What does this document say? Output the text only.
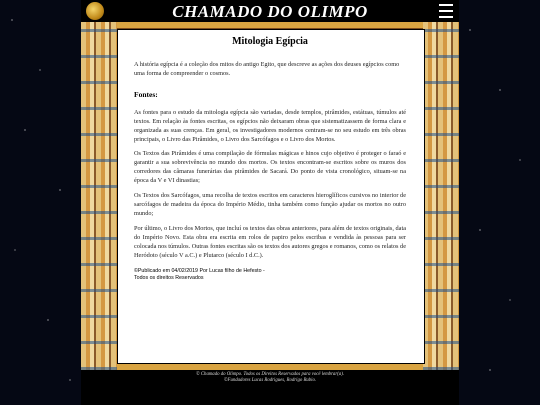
CHAMADO DO OLIMPO
Mitologia Egípcia

A história egípcia é a coleção dos mitos do antigo Egito, que descreve as ações dos deuses egípcios como uma forma de compreender o cosmos.

Fontes:

As fontes para o estudo da mitologia egípcia são variadas, desde templos, pirâmides, estátuas, túmulos até textos. Em relação às fontes escritas, os egípcios não deixaram obras que sistematizassem de forma clara e organizada as suas crenças. Em geral, os investigadores modernos centram-se no seu estudo em três obras principais, o Livro das Pirâmides, o Livro dos Sarcófagos e o Livro dos Mortos.

Os Textos das Pirâmides é uma compilação de fórmulas mágicas e hinos cujo objetivo é proteger o faraó e garantir a sua sobrevivência no mundo dos mortos. Os textos encontram-se escritos sobre os muros dos corredores das câmaras funerárias das pirâmides de Sacará. Do ponto de vista cronológico, situam-se na época da V e VI dinastias;

Os Textos dos Sarcófagos, uma recolha de textos escritos em caracteres hieroglíficos cursivos no interior de sarcófagos de madeira da época do Império Médio, tinha também como função ajudar os mortos no outro mundo;

Por último, o Livro dos Mortos, que incluí os textos das obras anteriores, para além de textos originais, data do Império Novo. Esta obra era escrita em rolos de papiro pelos escribas e vendida às pessoas para ser colocada nos túmulos. Outras fontes escritas são os textos dos autores gregos e romanos, como os relatos de Heródoto (século V a.C.) e Plutarco (século I d.C.).

©Publicado em 04/02/2019 Por Lucas filho de Hefesto -
Todos os direitos Reservados
© Chamado do Olimpo. Todos os Direitos Reservados para você lembrar(a).
©Fundadores Lucas Rodrigues, Rodrigo Rubio.
